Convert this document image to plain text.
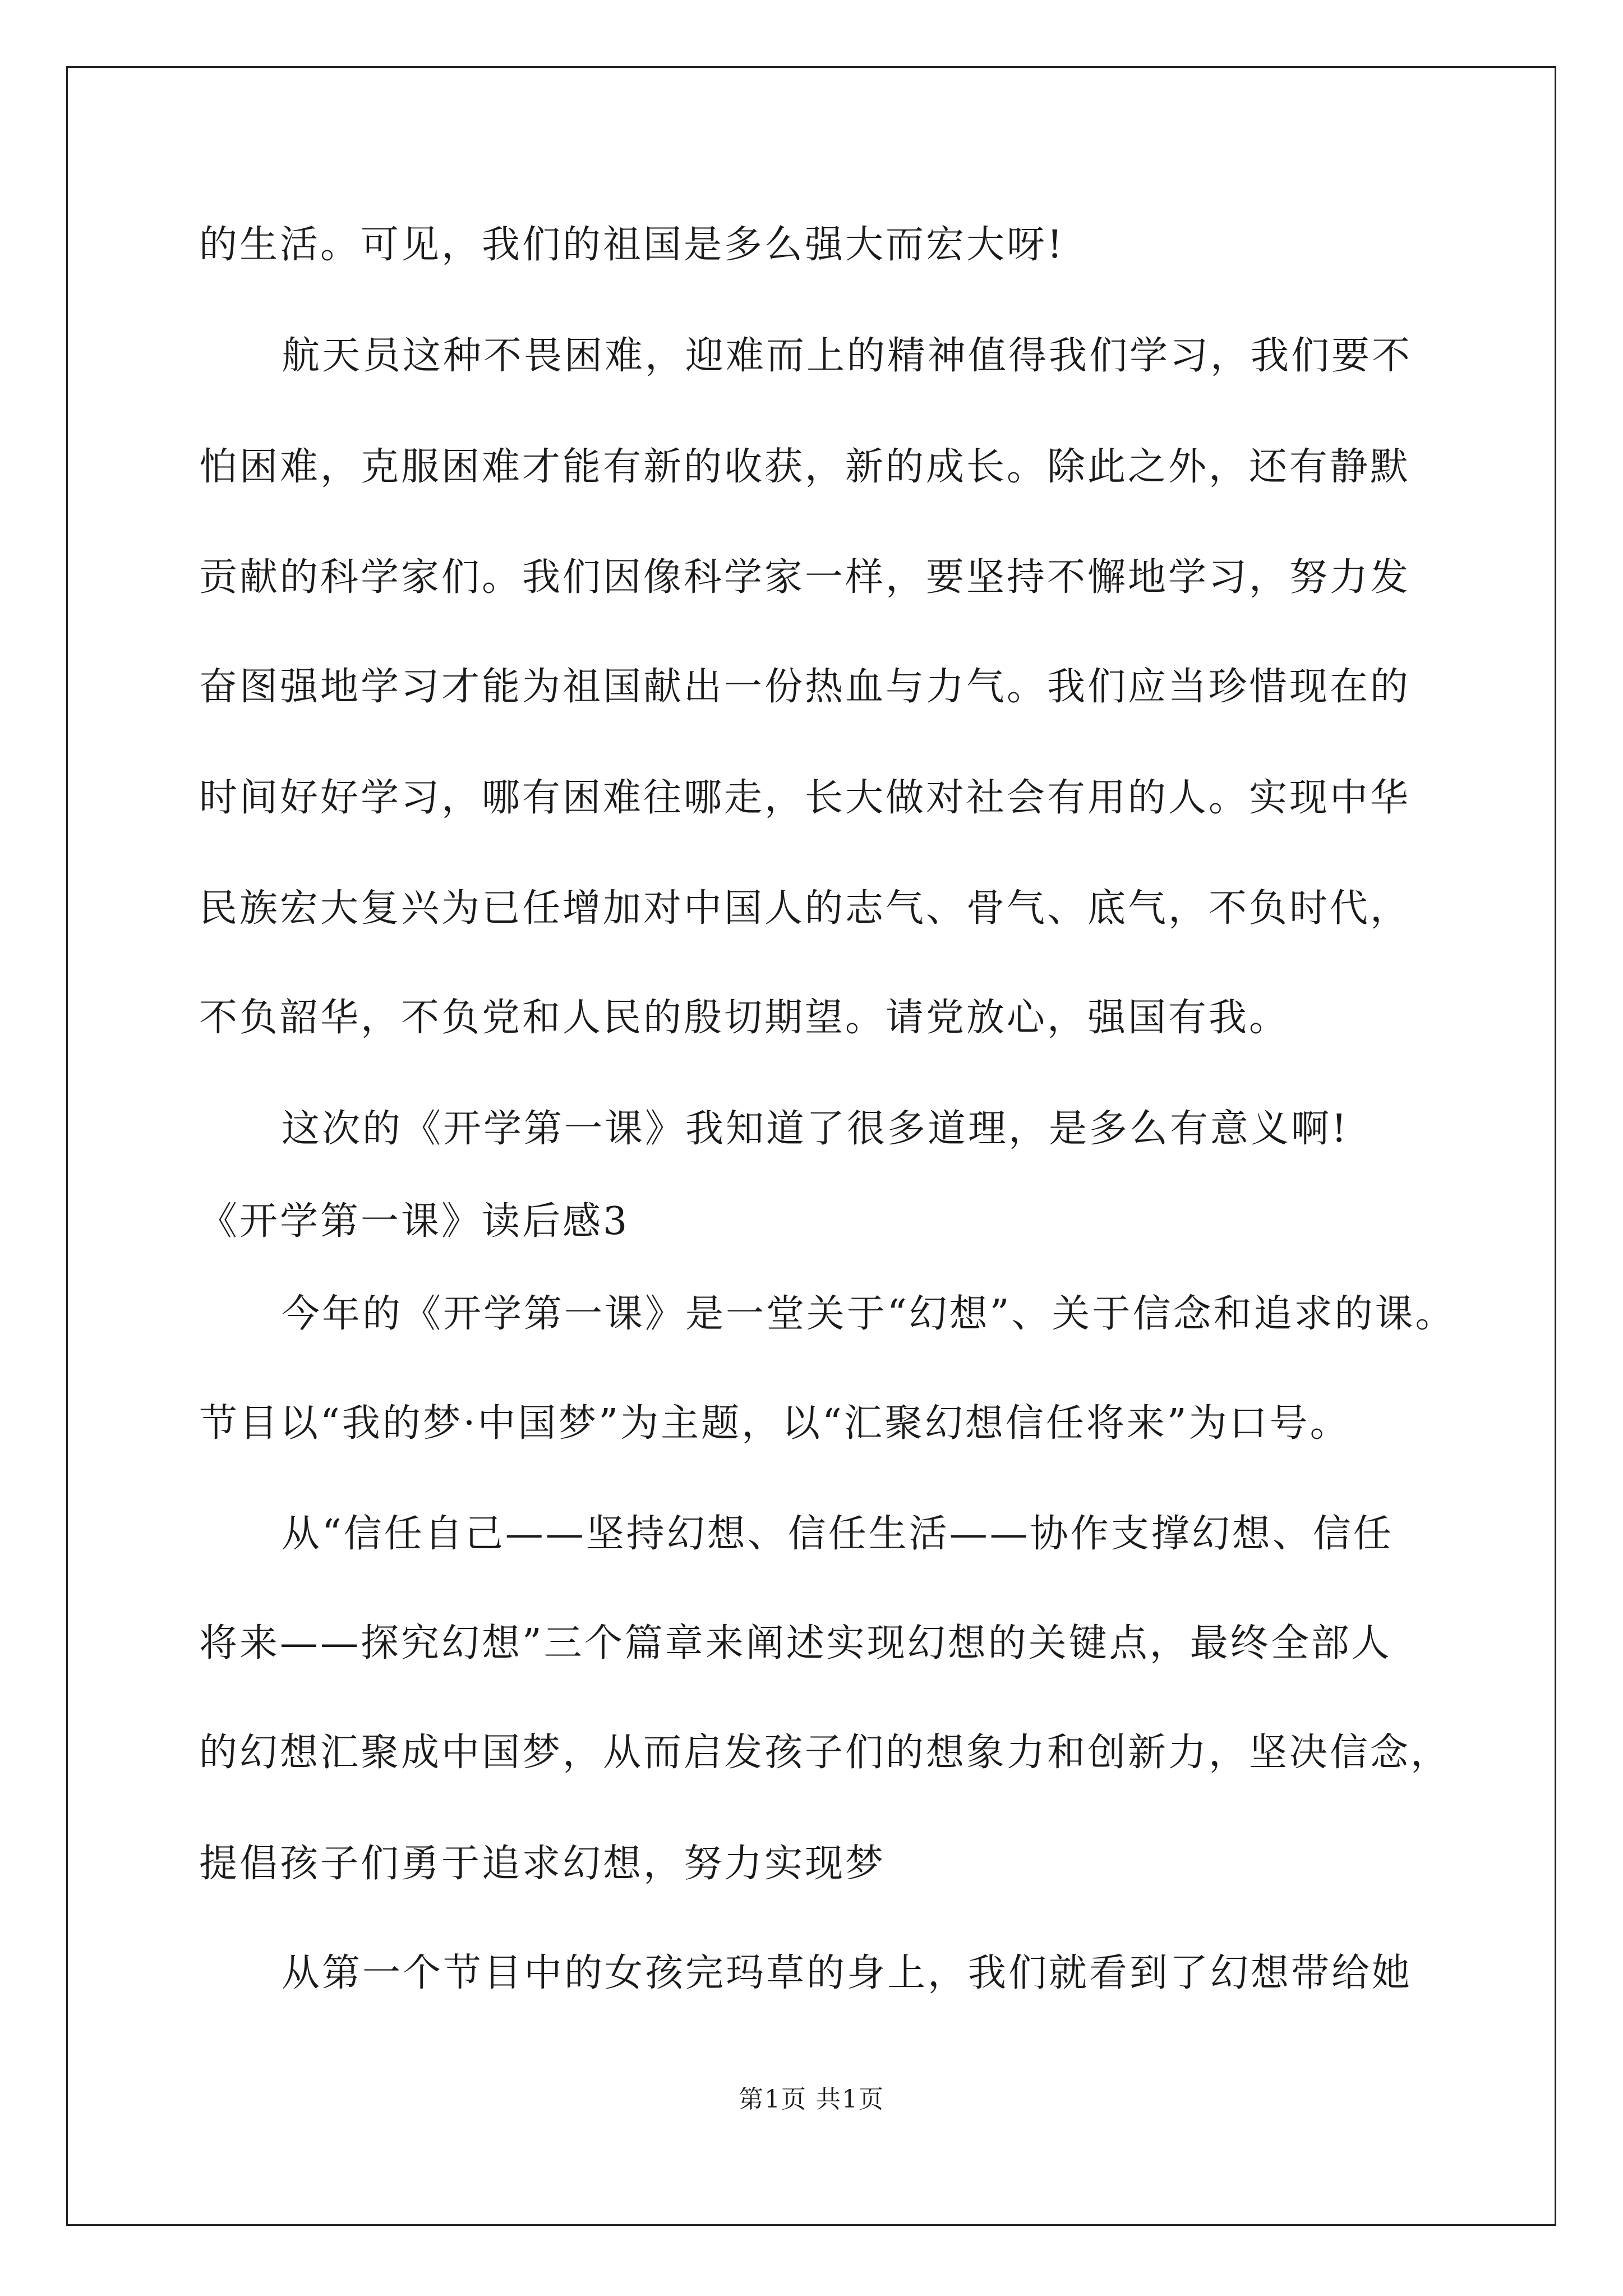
的生活。可见，我们的祖国是多么强大而宏大呀!
航天员这种不畏困难，迎难而上的精神值得我们学习，我们要不
怕困难，克服困难才能有新的收获，新的成长。除此之外，还有静默
贡献的科学家们。我们因像科学家一样，要坚持不懈地学习，努力发
奋图强地学习才能为祖国献出一份热血与力气。我们应当珍惜现在的
时间好好学习，哪有困难往哪走，长大做对社会有用的人。实现中华
民族宏大复兴为已任增加对中国人的志气、骨气、底气，不负时代，
不负韶华，不负党和人民的殷切期望。请党放心，强国有我。
这次的《开学第一课》我知道了很多道理，是多么有意义啊!
《开学第一课》读后感3
今年的《开学第一课》是一堂关于“幻想”、关于信念和追求的课。
节目以“我的梦·中国梦”为主题，以“汇聚幻想信任将来”为口号。
从“信任自己——坚持幻想、信任生活——协作支撑幻想、信任
将来——探究幻想”三个篇章来阐述实现幻想的关键点，最终全部人
的幻想汇聚成中国梦，从而启发孩子们的想象力和创新力，坚决信念，
提倡孩子们勇于追求幻想，努力实现梦
从第一个节目中的女孩完玛草的身上，我们就看到了幻想带给她
第1页 共1页
